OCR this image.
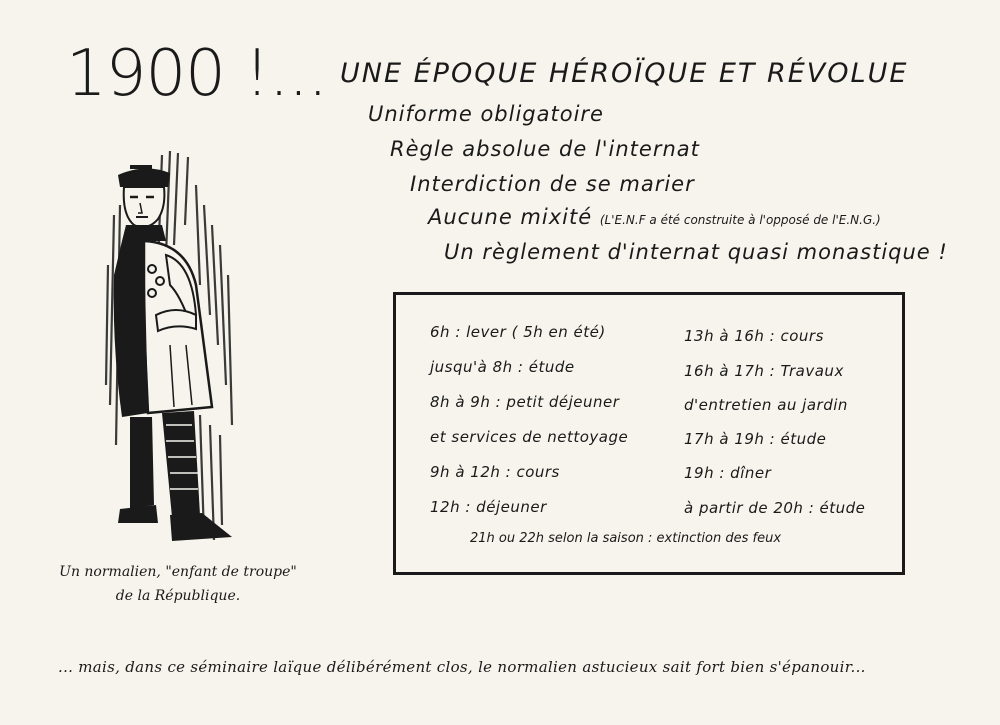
1900 !... UNE ÉPOQUE HÉROÏQUE ET RÉVOLUE
Uniforme obligatoire
Règle absolue de l'internat
Interdiction de se marier
Aucune mixité (L'E.N.F a été construite à l'opposé de l'E.N.G.)
Un règlement d'internat quasi monastique !
6h : lever ( 5h en été)
jusqu'à 8h : étude
8h à 9h : petit déjeuner
et services de nettoyage
9h à 12h : cours
12h : déjeuner
13h à 16h : cours
16h à 17h : Travaux
d'entretien au jardin
17h à 19h : étude
19h : dîner
à partir de 20h : étude
21h ou 22h selon la saison : extinction des feux
Un normalien, "enfant de troupe"
de la République.
... mais, dans ce séminaire laïque délibérément clos, le normalien astucieux sait fort bien s'épanouir...
